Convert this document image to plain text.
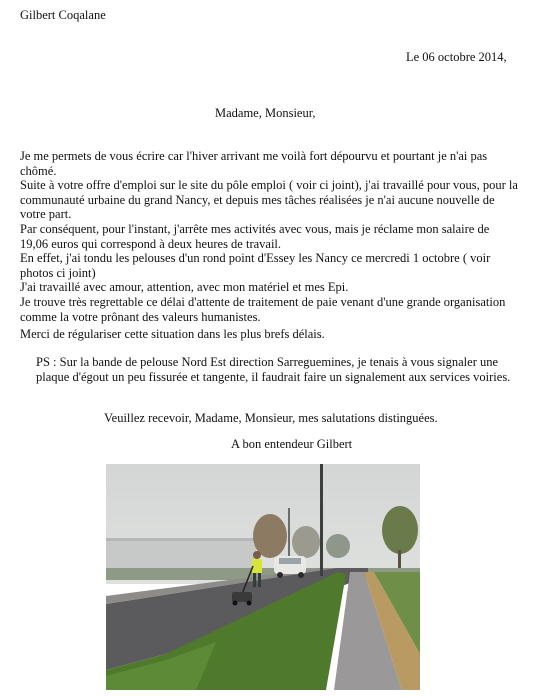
Gilbert Coqalane
Le 06 octobre 2014,
Madame, Monsieur,
Je me permets de vous écrire car l'hiver arrivant me voilà fort dépourvu et pourtant je n'ai pas
chômé.
Suite à votre offre d'emploi sur le site du pôle emploi ( voir ci joint), j'ai travaillé pour vous, pour la
communauté urbaine du grand Nancy, et depuis mes tâches réalisées je n'ai aucune nouvelle de
votre part.
Par conséquent, pour l'instant, j'arrête mes activités avec vous, mais je réclame mon salaire de
19,06 euros qui correspond à deux heures de travail.
En effet, j'ai tondu les pelouses d'un rond point d'Essey les Nancy ce mercredi 1 octobre ( voir
photos ci joint)
J'ai travaillé avec amour, attention, avec mon matériel et mes Epi.
Je trouve très regrettable ce délai d'attente de traitement de paie venant d'une grande organisation
comme la votre prônant des valeurs humanistes.
Merci de régulariser cette situation dans les plus brefs délais.
PS : Sur la bande de pelouse Nord Est direction Sarreguemines, je tenais à vous signaler une
plaque d'égout un peu fissurée et tangente, il faudrait faire un signalement aux services voiries.
Veuillez recevoir, Madame, Monsieur, mes salutations distinguées.
A bon entendeur Gilbert
